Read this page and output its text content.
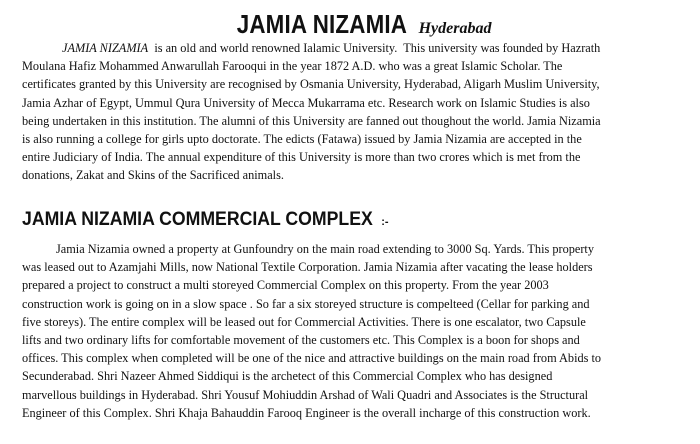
JAMIA NIZAMIA Hyderabad

JAMIA NIZAMIA  is an old and world renowned Ialamic University.  This university was founded by Hazrath
Moulana Hafiz Mohammed Anwarullah Farooqui in the year 1872 A.D. who was a great Islamic Scholar. The
certificates granted by this University are recognised by Osmania University, Hyderabad, Aligarh Muslim University,
Jamia Azhar of Egypt, Ummul Qura University of Mecca Mukarrama etc. Research work on Islamic Studies is also
being undertaken in this institution. The alumni of this University are fanned out thoughout the world. Jamia Nizamia
is also running a college for girls upto doctorate. The edicts (Fatawa) issued by Jamia Nizamia are accepted in the
entire Judiciary of India. The annual expenditure of this University is more than two crores which is met from the
donations, Zakat and Skins of the Sacrificed animals.

JAMIA NIZAMIA COMMERCIAL COMPLEX :-

Jamia Nizamia owned a property at Gunfoundry on the main road extending to 3000 Sq. Yards. This property
was leased out to Azamjahi Mills, now National Textile Corporation. Jamia Nizamia after vacating the lease holders
prepared a project to construct a multi storeyed Commercial Complex on this property. From the year 2003
construction work is going on in a slow space . So far a six storeyed structure is compelteed (Cellar for parking and
five storeys). The entire complex will be leased out for Commercial Activities. There is one escalator, two Capsule
lifts and two ordinary lifts for comfortable movement of the customers etc. This Complex is a boon for shops and
offices. This complex when completed will be one of the nice and attractive buildings on the main road from Abids to
Secunderabad. Shri Nazeer Ahmed Siddiqui is the archetect of this Commercial Complex who has designed
marvellous buildings in Hyderabad. Shri Yousuf Mohiuddin Arshad of Wali Quadri and Associates is the Structural
Engineer of this Complex. Shri Khaja Bahauddin Farooq Engineer is the overall incharge of this construction work.
